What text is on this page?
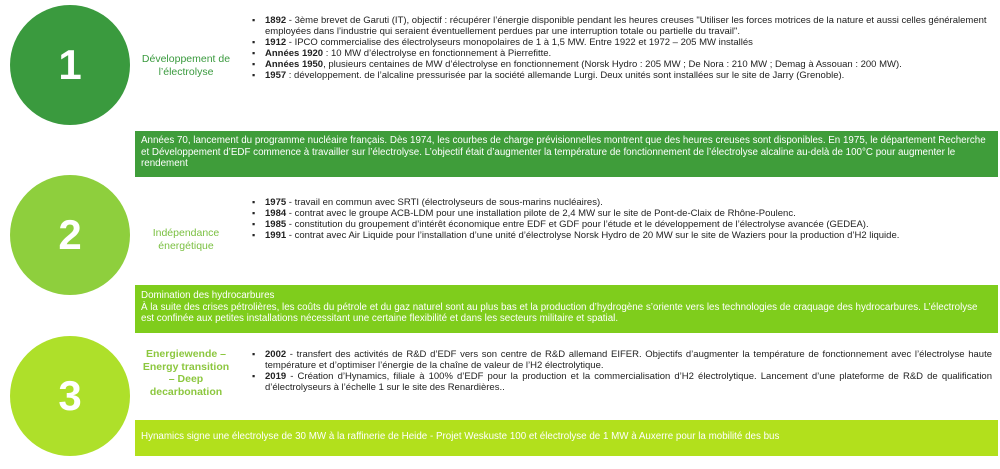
1	Développement de l’électrolyse
▪ 1892 - 3ème brevet de Garuti (IT), objectif : récupérer l’énergie disponible pendant les heures creuses "Utiliser les forces motrices de la nature et aussi celles généralement employées dans l’industrie qui seraient éventuellement perdues par une interruption totale ou partielle du travail".
▪ 1912 - IPCO commercialise des électrolyseurs monopolaires de 1 à 1,5 MW. Entre 1922 et 1972 – 205 MW installés
▪ Années 1920 : 10 MW d’électrolyse en fonctionnement à Pierrefitte.
▪ Années 1950, plusieurs centaines de MW d’électrolyse en fonctionnement (Norsk Hydro : 205 MW ; De Nora : 210 MW ; Demag à Assouan : 200 MW).
▪ 1957 : développement. de l’alcaline pressurisée par la société allemande Lurgi. Deux unités sont installées sur le site de Jarry (Grenoble).
Années 70, lancement du programme nucléaire français. Dès 1974, les courbes de charge prévisionnelles montrent que des heures creuses sont disponibles. En 1975, le département Recherche et Développement d’EDF commence à travailler sur l’électrolyse. L’objectif était d’augmenter la température de fonctionnement de l’électrolyse alcaline au-delà de 100°C pour augmenter le rendement
2	Indépendance énergétique
▪ 1975 - travail en commun avec SRTI (électrolyseurs de sous-marins nucléaires).
▪ 1984 - contrat avec le groupe ACB-LDM pour une installation pilote de 2,4 MW sur le site de Pont-de-Claix de Rhône-Poulenc.
▪ 1985 - constitution du groupement d’intérêt économique entre EDF et GDF pour l’étude et le développement de l’électrolyse avancée (GEDEA).
▪ 1991 - contrat avec Air Liquide pour l’installation d’une unité d’électrolyse Norsk Hydro de 20 MW sur le site de Waziers pour la production d’H2 liquide.
Domination des hydrocarbures
À la suite des crises pétrolières, les coûts du pétrole et du gaz naturel sont au plus bas et la production d’hydrogène s’oriente vers les technologies de craquage des hydrocarbures. L’électrolyse est confinée aux petites installations nécessitant une certaine flexibilité et dans les secteurs militaire et spatial.
3
Energiewende – Energy transition – Deep decarbonation
▪ 2002 - transfert des activités de R&D d’EDF vers son centre de R&D allemand EIFER. Objectifs d’augmenter la température de fonctionnement avec l’électrolyse haute température et d’optimiser l’énergie de la chaîne de valeur de l’H2 électrolytique.
▪ 2019 - Création d’Hynamics, filiale à 100% d’EDF pour la production et la commercialisation d’H2 électrolytique. Lancement d’une plateforme de R&D de qualification d’électrolyseurs à l’échelle 1 sur le site des Renardières..
Hynamics signe une électrolyse de 30 MW à la raffinerie de Heide - Projet Weskuste 100 et électrolyse de 1 MW à Auxerre pour la mobilité des bus
